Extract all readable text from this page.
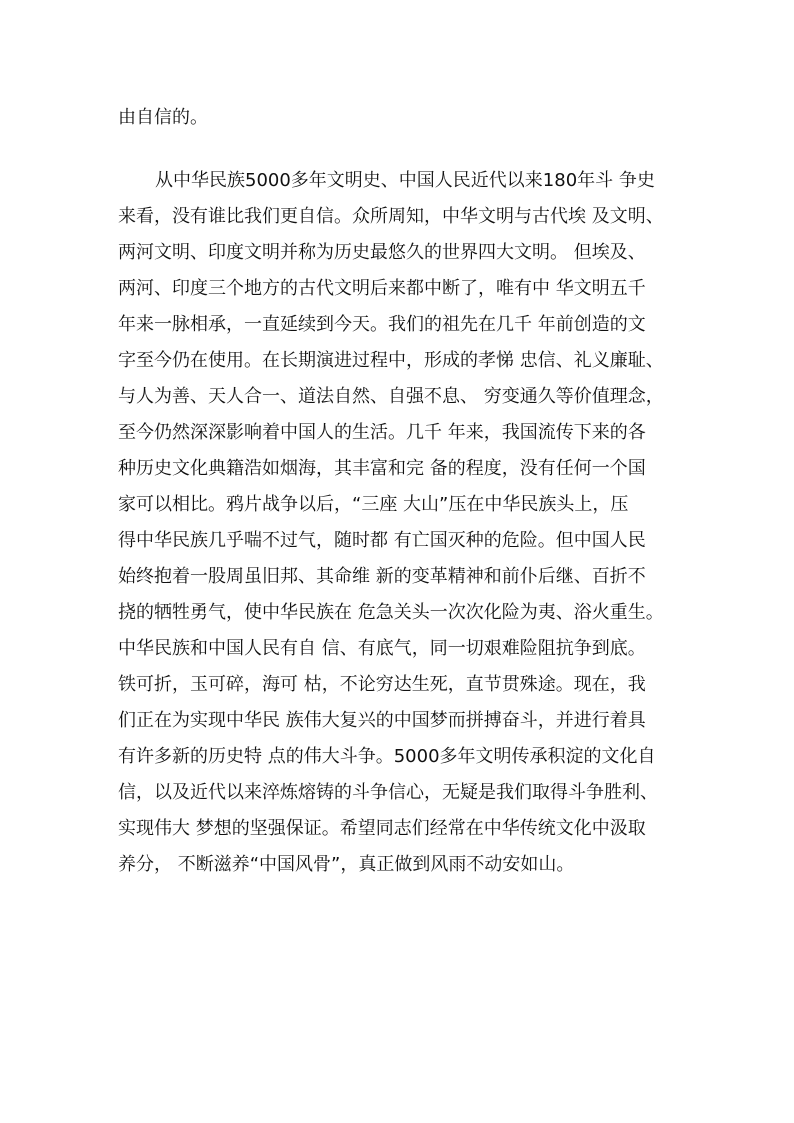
由自信的。
从中华民族5000多年文明史、中国人民近代以来180年斗 争史
来看，没有谁比我们更自信。众所周知，中华文明与古代埃 及文明、
两河文明、印度文明并称为历史最悠久的世界四大文明。 但埃及、
两河、印度三个地方的古代文明后来都中断了，唯有中 华文明五千
年来一脉相承，一直延续到今天。我们的祖先在几千 年前创造的文
字至今仍在使用。在长期演进过程中，形成的孝悌 忠信、礼义廉耻、
与人为善、天人合一、道法自然、自强不息、 穷变通久等价值理念，
至今仍然深深影响着中国人的生活。几千 年来，我国流传下来的各
种历史文化典籍浩如烟海，其丰富和完 备的程度，没有任何一个国
家可以相比。鸦片战争以后，“三座 大山”压在中华民族头上，压
得中华民族几乎喘不过气，随时都 有亡国灭种的危险。但中国人民
始终抱着一股周虽旧邦、其命维 新的变革精神和前仆后继、百折不
挠的牺牲勇气，使中华民族在 危急关头一次次化险为夷、浴火重生。
中华民族和中国人民有自 信、有底气，同一切艰难险阻抗争到底。
铁可折，玉可碎，海可 枯，不论穷达生死，直节贯殊途。现在，我
们正在为实现中华民 族伟大复兴的中国梦而拼搏奋斗，并进行着具
有许多新的历史特 点的伟大斗争。5000多年文明传承积淀的文化自
信，以及近代以来淬炼熔铸的斗争信心，无疑是我们取得斗争胜利、
实现伟大 梦想的坚强保证。希望同志们经常在中华传统文化中汲取
养分， 不断滋养“中国风骨”，真正做到风雨不动安如山。
